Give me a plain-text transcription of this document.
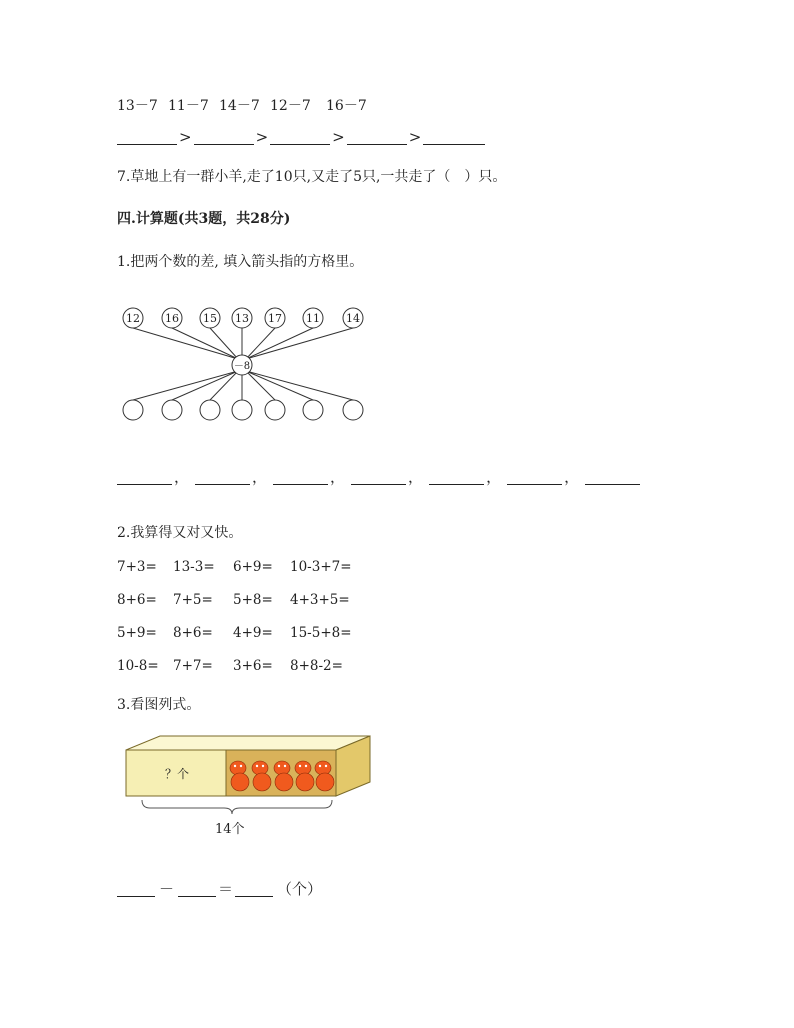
13－7 11－7 14－7 12－7 16－7
>	>	>	>
7.草地上有一群小羊,走了10只,又走了5只,一共走了（　）只。
四.计算题(共3题，共28分)
1.把两个数的差, 填入箭头指的方格里。
12 16 15 13 17 11 14
－8
，	，	，	，	，	，
2.我算得又对又快。
7+3= 13-3= 6+9= 10-3+7=
8+6= 7+5= 5+8= 4+3+5=
5+9= 8+6= 4+9= 15-5+8=
10-8= 7+7= 3+6= 8+8-2=
3.看图列式。
？个
14个
－	＝	（个）
